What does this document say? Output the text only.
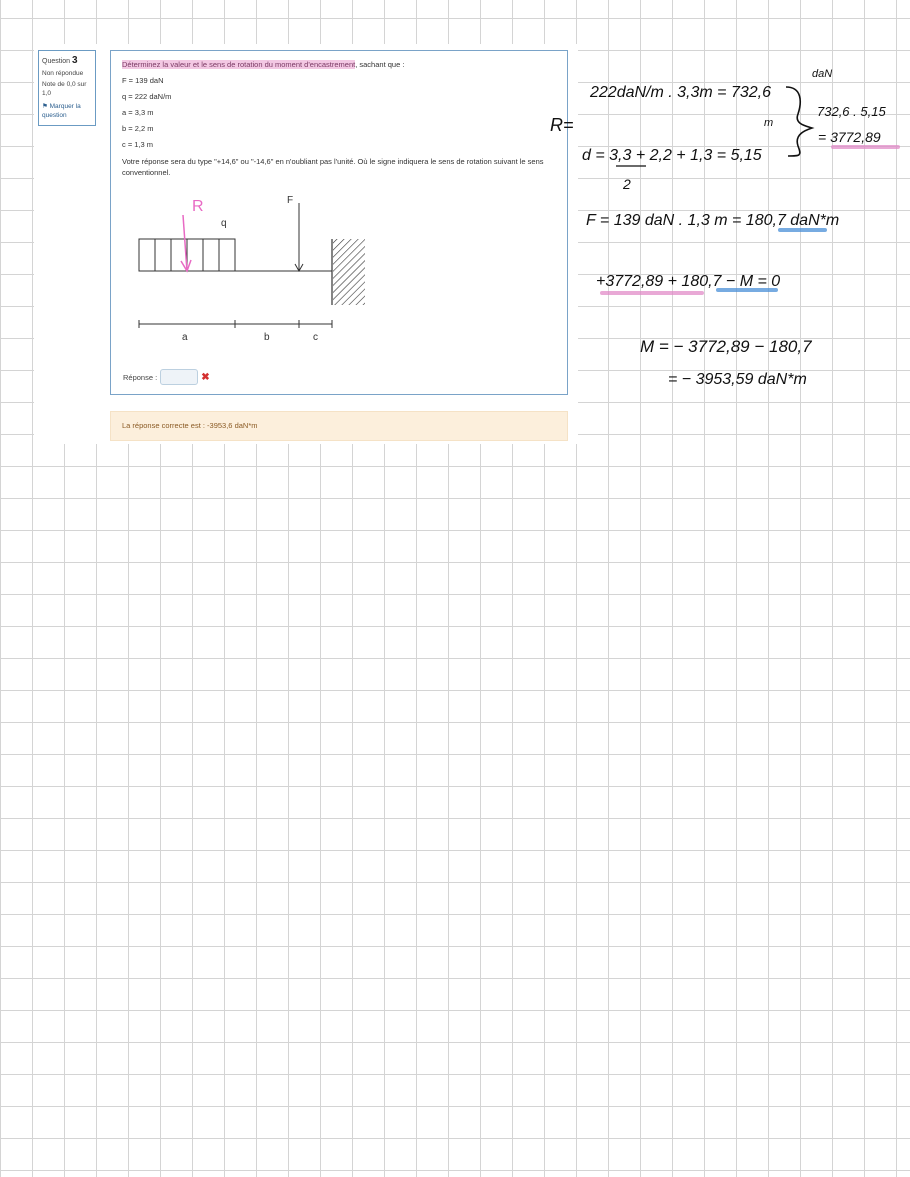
Question 3
Non répondue
Note de 0,0 sur 1,0
⚑ Marquer la question
Déterminez la valeur et le sens de rotation du moment d'encastrement, sachant que :
F = 139 daN
q = 222 daN/m
a = 3,3 m
b = 2,2 m
c = 1,3 m
Votre réponse sera du type "+14,6" ou "-14,6" en n'oubliant pas l'unité. Où le signe indiquera le sens de rotation suivant le sens conventionnel.
F
q
R
a	b	c
Réponse :	✖
La réponse correcte est : -3953,6 daN*m
222daN/m . 3,3m = 732,6
daN
R=
d = 3,3 + 2,2 + 1,3 = 5,15
2
m
732,6 . 5,15
= 3772,89
F = 139 daN . 1,3 m = 180,7 daN*m
+3772,89 + 180,7 − M = 0
M = − 3772,89 − 180,7
= − 3953,59 daN*m
